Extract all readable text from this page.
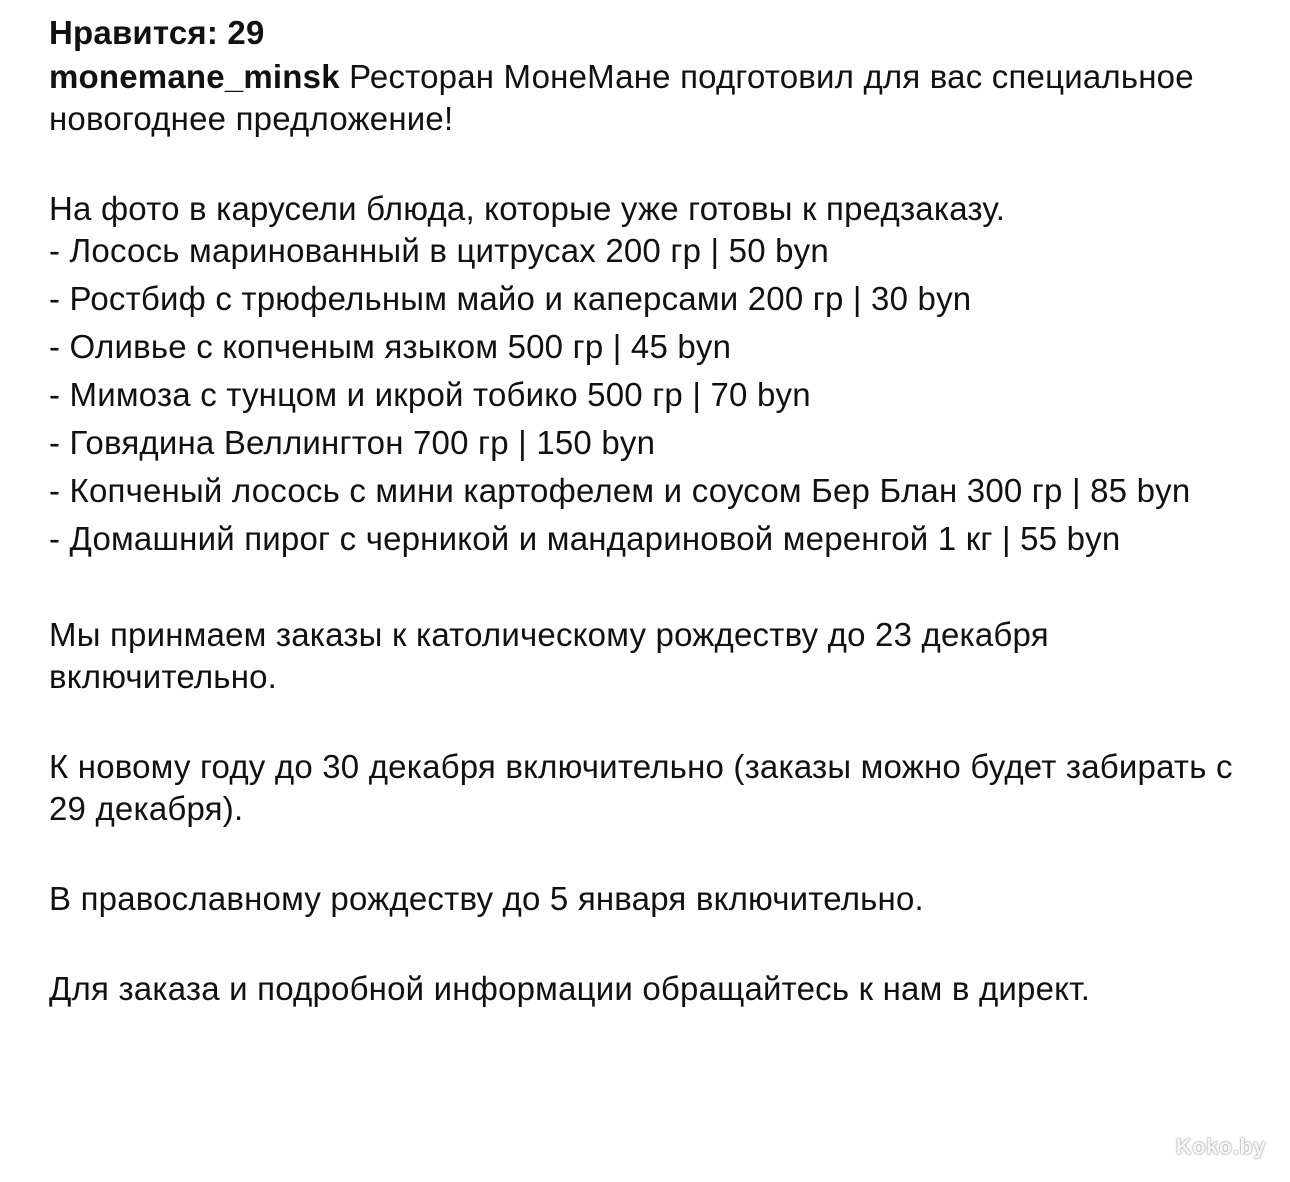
Нравится: 29

monemane_minsk Ресторан МонеМане подготовил для вас специальное новогоднее предложение!

На фото в карусели блюда, которые уже готовы к предзаказу.

- Лосось маринованный в цитрусах 200 гр | 50 byn
- Ростбиф с трюфельным майо и каперсами 200 гр | 30 byn
- Оливье с копченым языком 500 гр | 45 byn
- Мимоза с тунцом и икрой тобико 500 гр | 70 byn
- Говядина Веллингтон 700 гр | 150 byn
- Копченый лосось с мини картофелем и соусом Бер Блан 300 гр | 85 byn
- Домашний пирог с черникой и мандариновой меренгой 1 кг | 55 byn

Мы принмаем заказы к католическому рождеству до 23 декабря включительно.

К новому году до 30 декабря включительно (заказы можно будет забирать с 29 декабря).

В православному рождеству до 5 января включительно.

Для заказа и подробной информации обращайтесь к нам в директ.

Koko.by
